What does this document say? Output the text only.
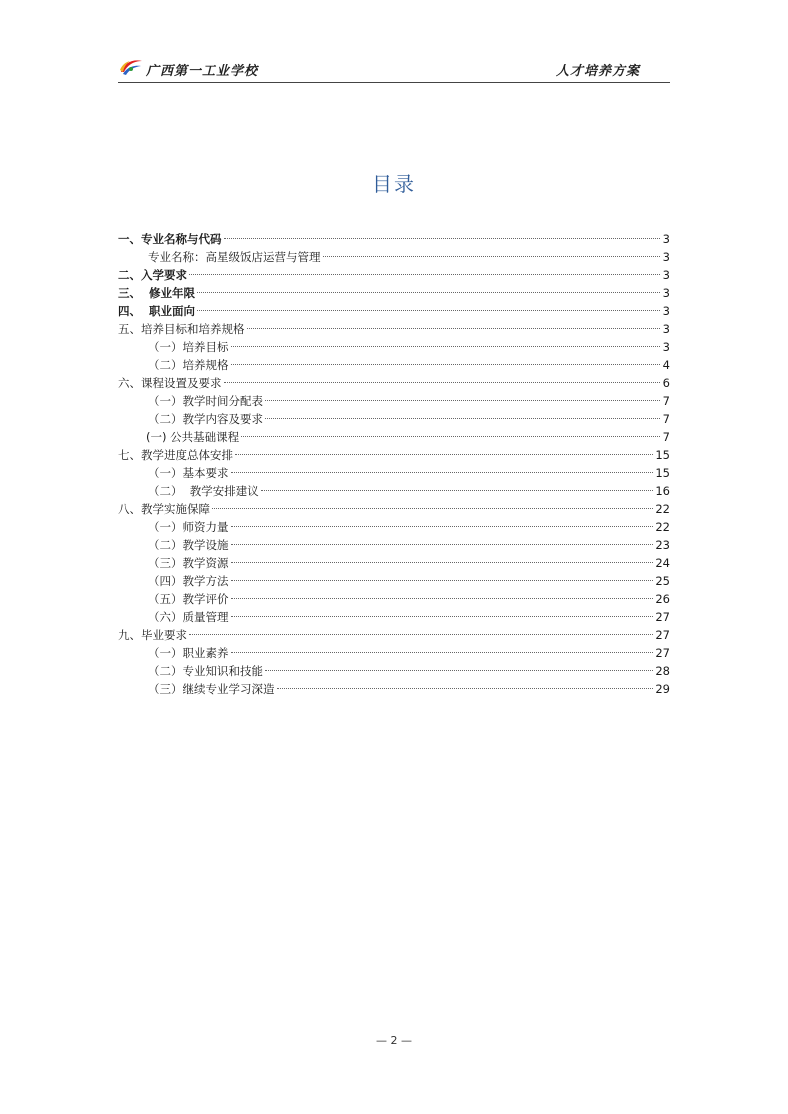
广西第一工业学校	人才培养方案
目录
一、专业名称与代码	3
专业名称：高星级饭店运营与管理	3
二、入学要求	3
三、  修业年限	3
四、  职业面向	3
五、培养目标和培养规格	3
（一）培养目标	3
（二）培养规格	4
六、课程设置及要求	6
（一）教学时间分配表	7
（二）教学内容及要求	7
(一) 公共基础课程	7
七、教学进度总体安排	15
（一）基本要求	15
（二）  教学安排建议	16
八、教学实施保障	22
（一）师资力量	22
（二）教学设施	23
（三）教学资源	24
（四）教学方法	25
（五）教学评价	26
（六）质量管理	27
九、毕业要求	27
（一）职业素养	27
（二）专业知识和技能	28
（三）继续专业学习深造	29
— 2 —
